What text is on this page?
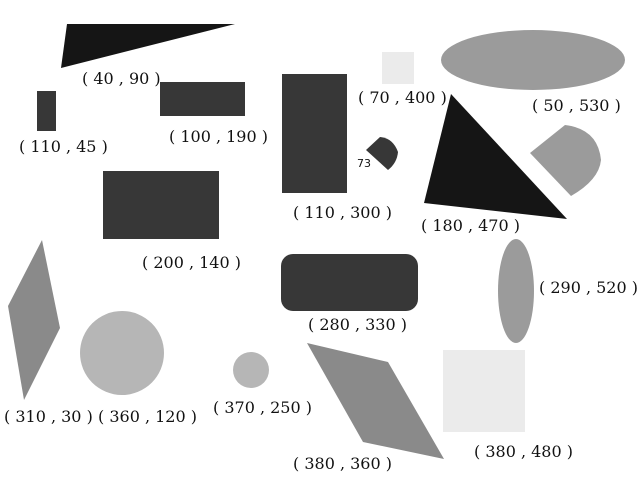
( 40 , 90 )
( 110 , 45 )
( 100 , 190 )
( 70 , 400 )	( 50 , 530 )
( 110 , 300 )
( 180 , 470 )
( 200 , 140 )
( 280 , 330 )
( 290 , 520 )
( 310 , 30 ) ( 360 , 120 ) ( 370 , 250 )
( 380 , 360 )
( 380 , 480 )
73
